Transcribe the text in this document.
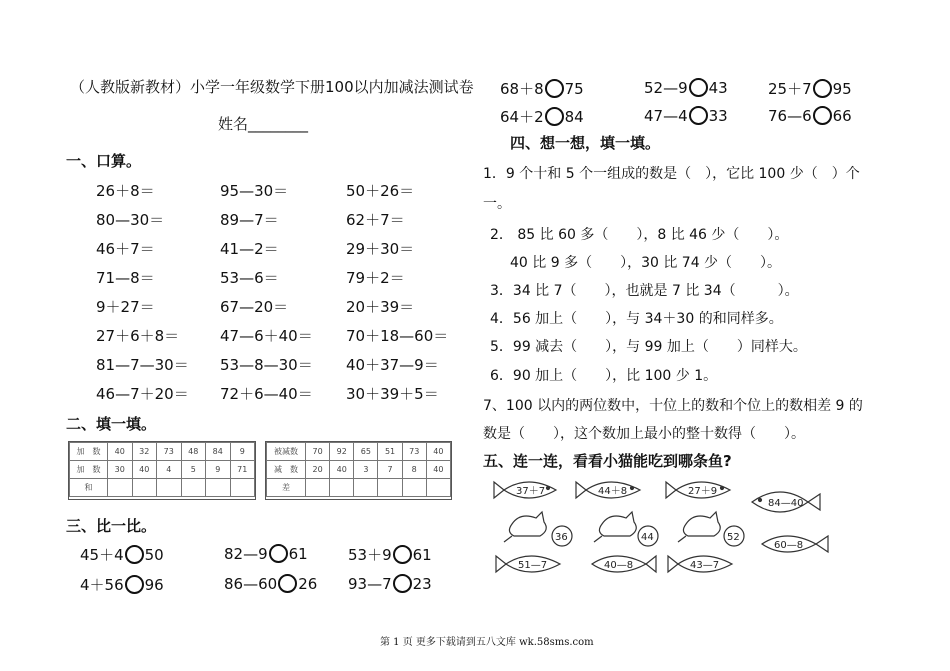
（人教版新教材）小学一年级数学下册100以内加减法测试卷
姓名________
一、口算。
26＋8＝	95—30＝	50＋26＝
80—30＝	89—7＝	62＋7＝
46＋7＝	41—2＝	29＋30＝
71—8＝	53—6＝	79＋2＝
9＋27＝	67—20＝	20＋39＝
27＋6＋8＝	47—6＋40＝ 70＋18—60＝
81—7—30＝ 53—8—30＝ 40＋37—9＝
46—7＋20＝ 72＋6—40＝ 30＋39＋5＝
二、填一填。
加　数	40	32	73	48	84	9
加　数	30	40	4	5	9	71
和						
被减数	70	92	65	51	73	40
减　数	20	40	3	7	8	40
差						
三、比一比。
45＋4 50	82—9 61	53＋9 61
4＋56 96	86—60 26 93—7 23
68＋8 75	52—9 43	25＋7 95
64＋2 84	47—4 33	76—6 66
四、想一想，填一填。
1．9 个十和 5 个一组成的数是（　），它比 100 少（　）个
一。
2． 85 比 60 多（　　），8 比 46 少（　　）。
40 比 9 多（　　），30 比 74 少（　　）。
3．34 比 7（　　），也就是 7 比 34（　　　）。
4．56 加上（　　），与 34＋30 的和同样多。
5．99 减去（　　），与 99 加上（　　）同样大。
6．90 加上（　　），比 100 少 1。
7、100 以内的两位数中，十位上的数和个位上的数相差 9 的
数是（　　），这个数加上最小的整十数得（　　）。
五、连一连，看看小猫能吃到哪条鱼?
37＋7	44＋8	27＋9
84—40
36	44	52
51—7	40—8	43—7
60—8
第 1 页 更多下载请到五八文库 wk.58sms.com
